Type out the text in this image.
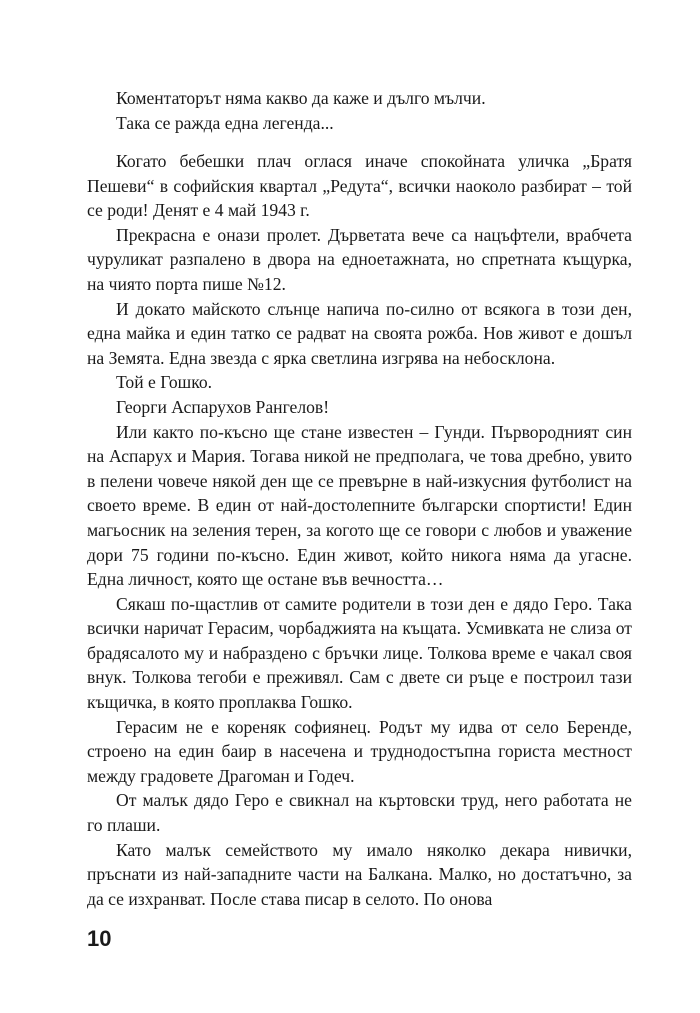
Коментаторът няма какво да каже и дълго мълчи.

Така се ражда една легенда...

Когато бебешки плач оглася иначе спокойната уличка „Братя Пешеви“ в софийския квартал „Редута“, всички наоколо разбират – той се роди! Денят е 4 май 1943 г.

Прекрасна е онази пролет. Дърветата вече са нацъфтели, врабчета чуруликат разпалено в двора на едноетажната, но спретната къщурка, на чиято порта пише №12.

И докато майското слънце напича по-силно от всякога в този ден, една майка и един татко се радват на своята рожба. Нов живот е дошъл на Земята. Една звезда с ярка светлина изгрява на небосклона.

Той е Гошко.

Георги Аспарухов Рангелов!

Или както по-късно ще стане известен – Гунди. Първородният син на Аспарух и Мария. Тогава никой не предполага, че това дребно, увито в пелени човече някой ден ще се превърне в най-изкусния футболист на своето време. В един от най-достолепните български спортисти! Един магьосник на зеления терен, за когото ще се говори с любов и уважение дори 75 години по-късно. Един живот, който никога няма да угасне. Една личност, която ще остане във вечността…

Сякаш по-щастлив от самите родители в този ден е дядо Геро. Така всички наричат Герасим, чорбаджията на къщата. Усмивката не слиза от брадясалото му и набраздено с бръчки лице. Толкова време е чакал своя внук. Толкова тегоби е преживял. Сам с двете си ръце е построил тази къщичка, в която проплаква Гошко.

Герасим не е кореняк софиянец. Родът му идва от село Беренде, строено на един баир в насечена и труднодостъпна гориста местност между градовете Драгоман и Годеч.

От малък дядо Геро е свикнал на къртовски труд, него работата не го плаши.

Като малък семейството му имало няколко декара нивички, пръснати из най-западните части на Балкана. Малко, но достатъчно, за да се изхранват. После става писар в селото. По онова

10
